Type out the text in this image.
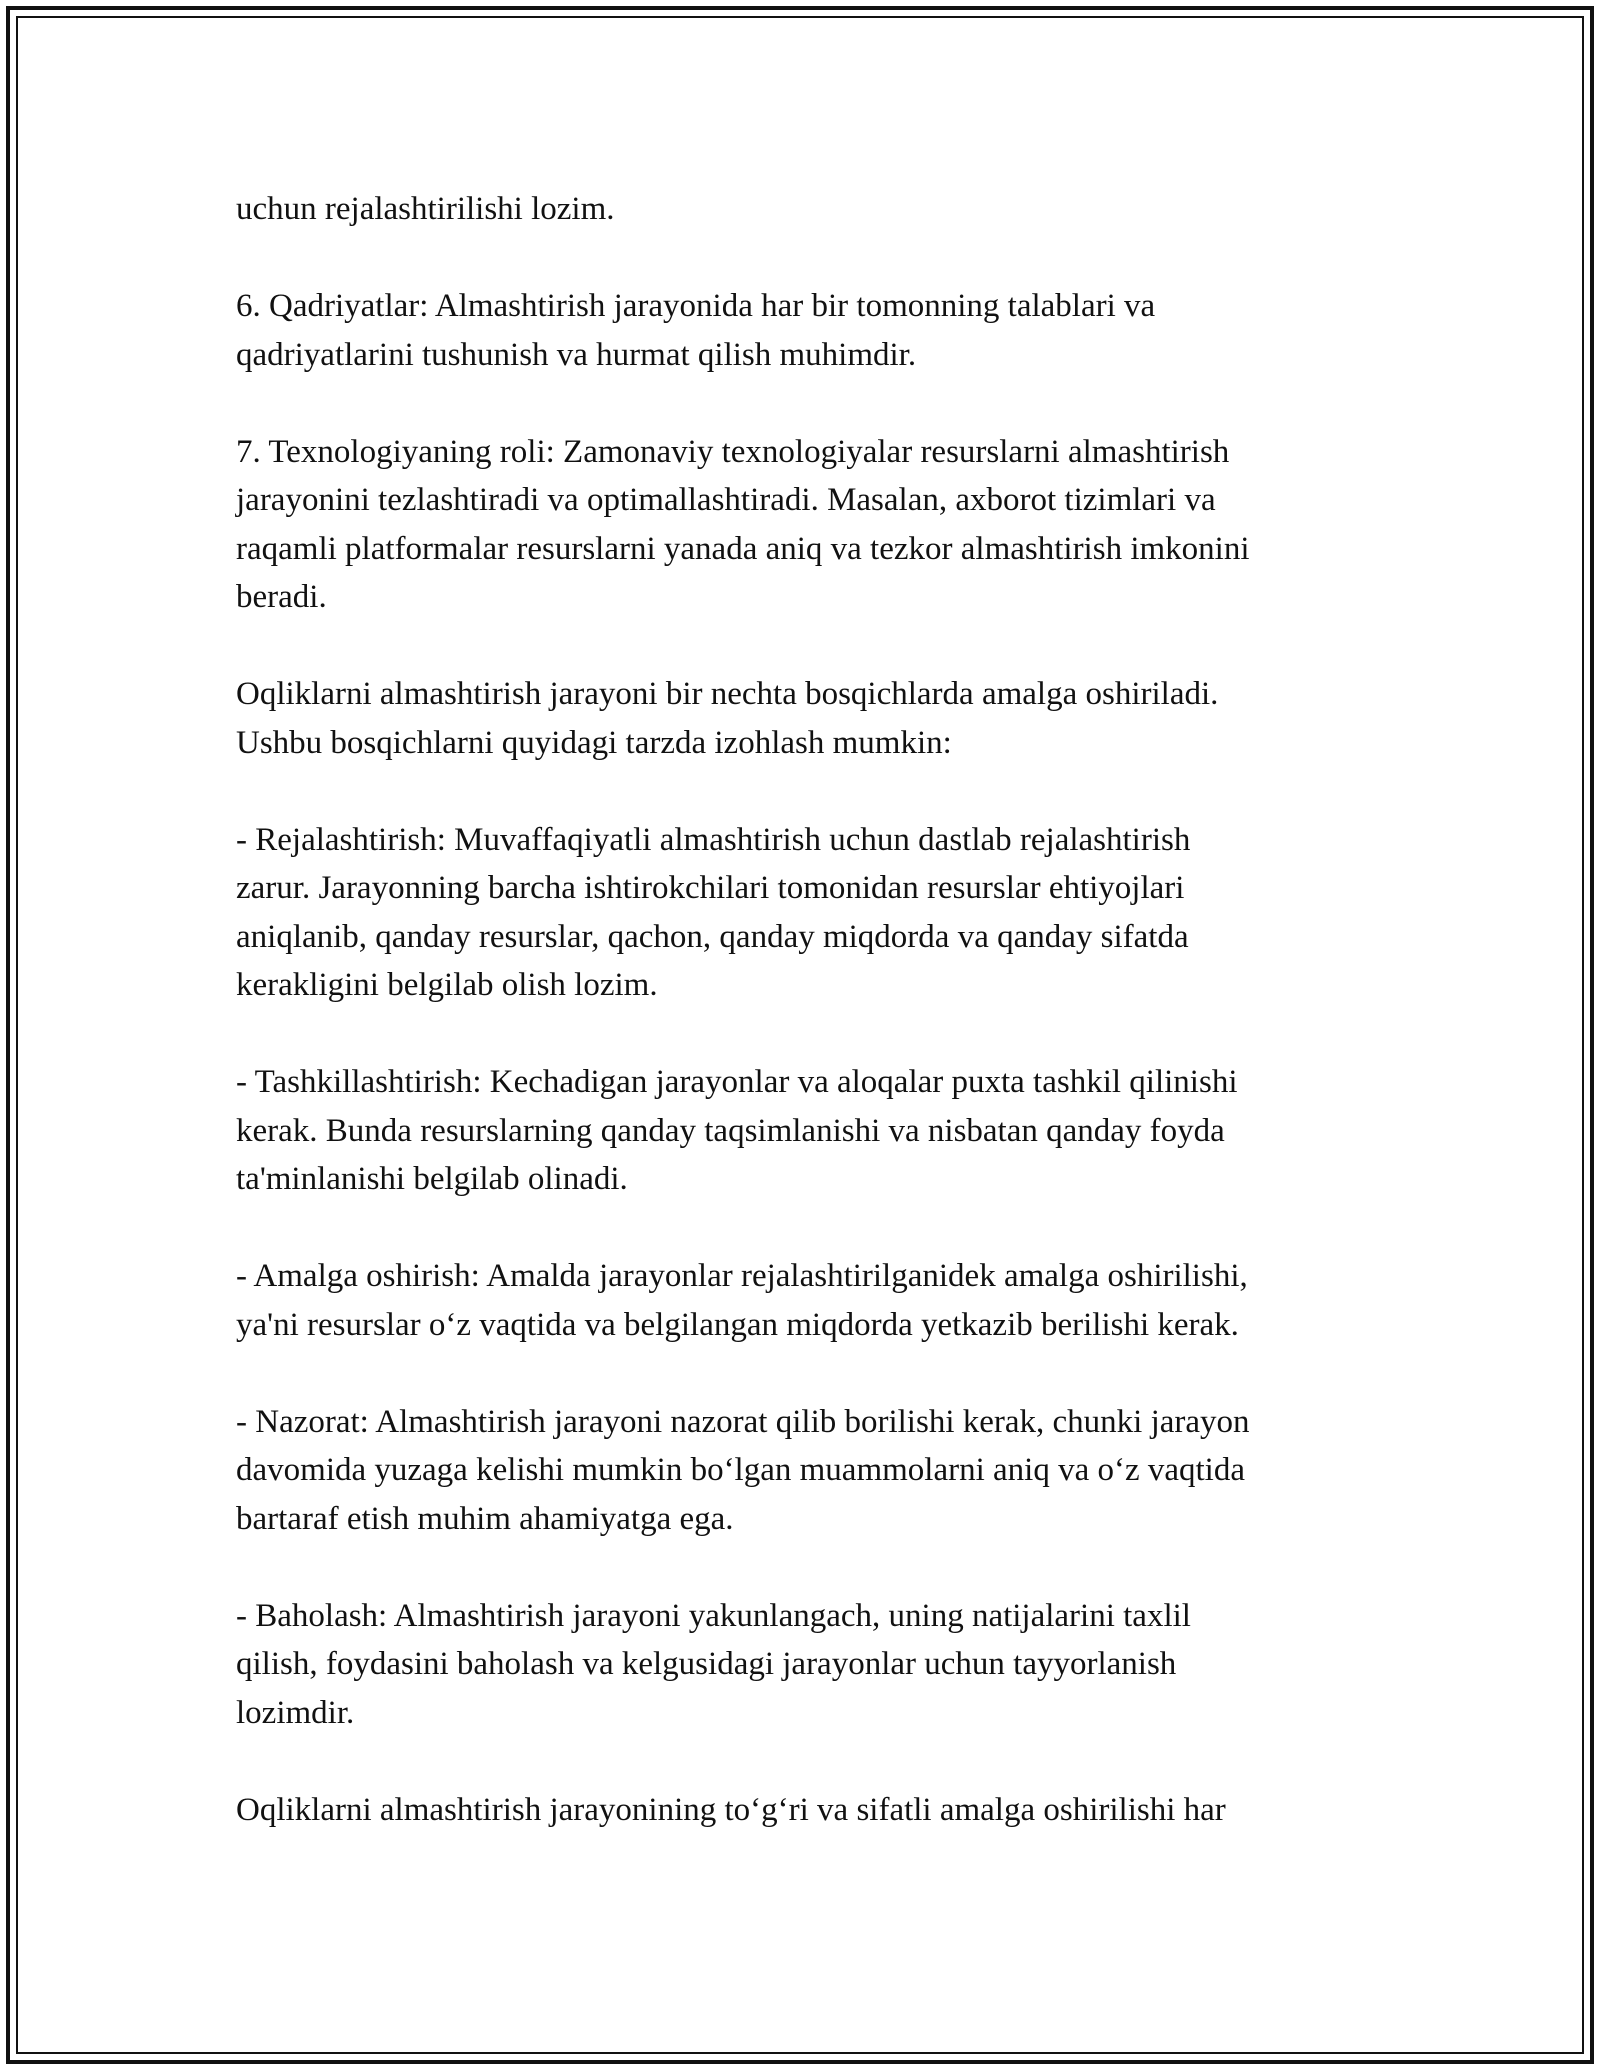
uchun rejalashtirilishi lozim.

6. Qadriyatlar: Almashtirish jarayonida har bir tomonning talablari va
qadriyatlarini tushunish va hurmat qilish muhimdir.

7. Texnologiyaning roli: Zamonaviy texnologiyalar resurslarni almashtirish
jarayonini tezlashtiradi va optimallashtiradi. Masalan, axborot tizimlari va
raqamli platformalar resurslarni yanada aniq va tezkor almashtirish imkonini
beradi.

Oqliklarni almashtirish jarayoni bir nechta bosqichlarda amalga oshiriladi.
Ushbu bosqichlarni quyidagi tarzda izohlash mumkin:

- Rejalashtirish: Muvaffaqiyatli almashtirish uchun dastlab rejalashtirish
zarur. Jarayonning barcha ishtirokchilari tomonidan resurslar ehtiyojlari
aniqlanib, qanday resurslar, qachon, qanday miqdorda va qanday sifatda
kerakligini belgilab olish lozim.

- Tashkillashtirish: Kechadigan jarayonlar va aloqalar puxta tashkil qilinishi
kerak. Bunda resurslarning qanday taqsimlanishi va nisbatan qanday foyda
ta'minlanishi belgilab olinadi.

- Amalga oshirish: Amalda jarayonlar rejalashtirilganidek amalga oshirilishi,
ya'ni resurslar o‘z vaqtida va belgilangan miqdorda yetkazib berilishi kerak.

- Nazorat: Almashtirish jarayoni nazorat qilib borilishi kerak, chunki jarayon
davomida yuzaga kelishi mumkin bo‘lgan muammolarni aniq va o‘z vaqtida
bartaraf etish muhim ahamiyatga ega.

- Baholash: Almashtirish jarayoni yakunlangach, uning natijalarini taxlil
qilish, foydasini baholash va kelgusidagi jarayonlar uchun tayyorlanish
lozimdir.

Oqliklarni almashtirish jarayonining to‘g‘ri va sifatli amalga oshirilishi har
